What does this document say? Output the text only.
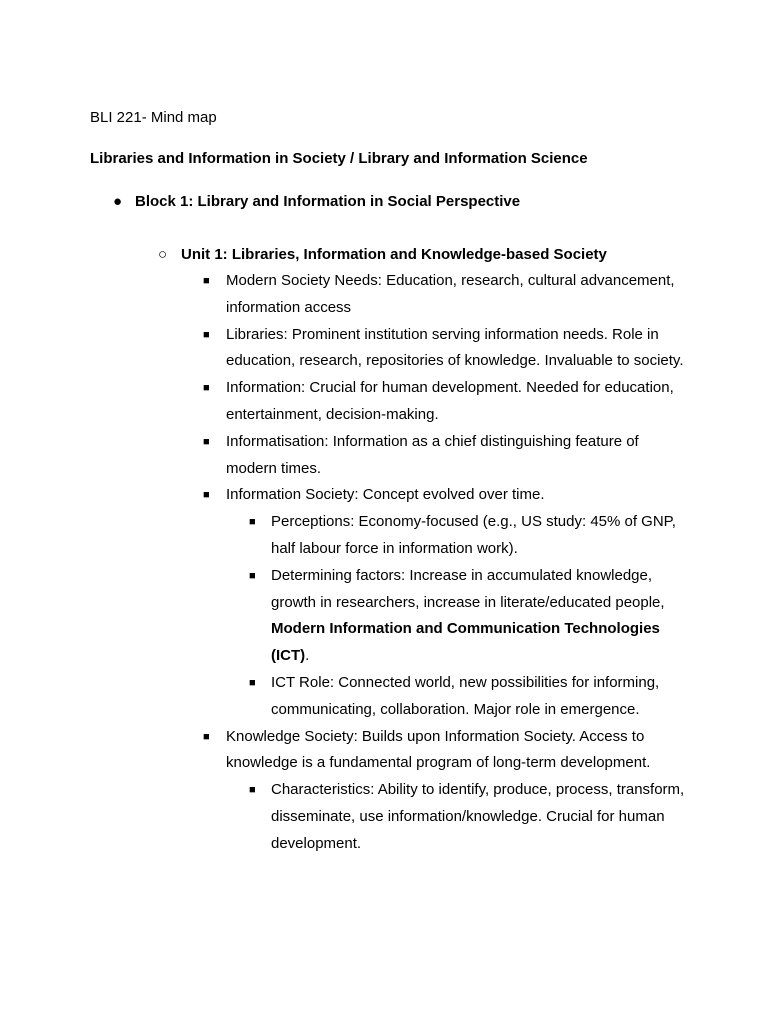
BLI 221- Mind map
Libraries and Information in Society / Library and Information Science
● Block 1: Library and Information in Social Perspective
○ Unit 1: Libraries, Information and Knowledge-based Society
■ Modern Society Needs: Education, research, cultural advancement, information access
■ Libraries: Prominent institution serving information needs. Role in education, research, repositories of knowledge. Invaluable to society.
■ Information: Crucial for human development. Needed for education, entertainment, decision-making.
■ Informatisation: Information as a chief distinguishing feature of modern times.
■ Information Society: Concept evolved over time.
■ Perceptions: Economy-focused (e.g., US study: 45% of GNP, half labour force in information work).
■ Determining factors: Increase in accumulated knowledge, growth in researchers, increase in literate/educated people, Modern Information and Communication Technologies (ICT).
■ ICT Role: Connected world, new possibilities for informing, communicating, collaboration. Major role in emergence.
■ Knowledge Society: Builds upon Information Society. Access to knowledge is a fundamental program of long-term development.
■ Characteristics: Ability to identify, produce, process, transform, disseminate, use information/knowledge. Crucial for human development.
